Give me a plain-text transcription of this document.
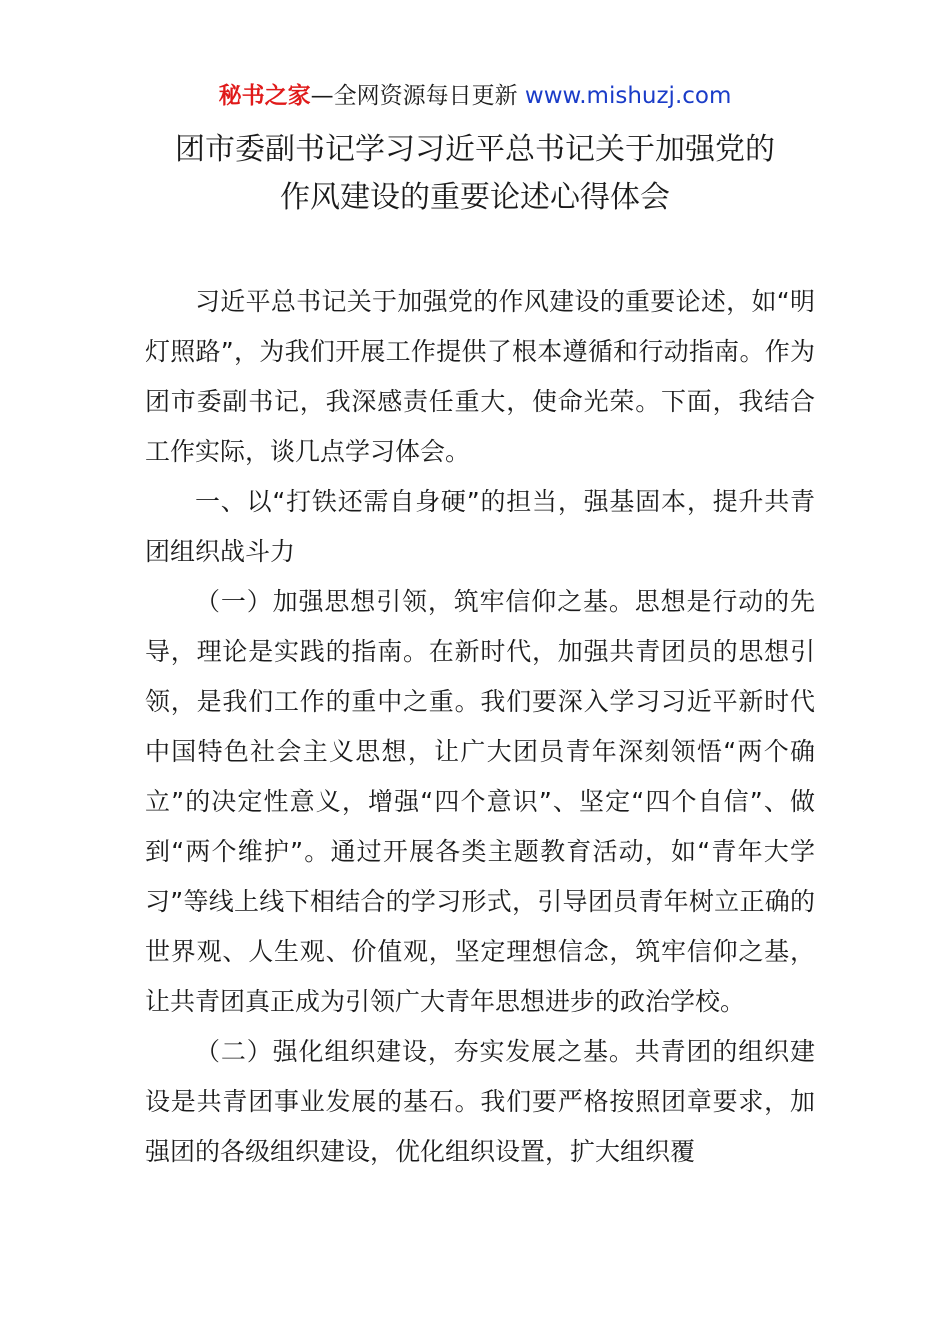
秘书之家—全网资源每日更新 www.mishuzj.com
团市委副书记学习习近平总书记关于加强党的
作风建设的重要论述心得体会

习近平总书记关于加强党的作风建设的重要论述，如“明灯照路”，为我们开展工作提供了根本遵循和行动指南。作为团市委副书记，我深感责任重大，使命光荣。下面，我结合工作实际，谈几点学习体会。

一、以“打铁还需自身硬”的担当，强基固本，提升共青团组织战斗力

（一）加强思想引领，筑牢信仰之基。思想是行动的先导，理论是实践的指南。在新时代，加强共青团员的思想引领，是我们工作的重中之重。我们要深入学习习近平新时代中国特色社会主义思想，让广大团员青年深刻领悟“两个确立”的决定性意义，增强“四个意识”、坚定“四个自信”、做到“两个维护”。通过开展各类主题教育活动，如“青年大学习”等线上线下相结合的学习形式，引导团员青年树立正确的世界观、人生观、价值观，坚定理想信念，筑牢信仰之基，让共青团真正成为引领广大青年思想进步的政治学校。

（二）强化组织建设，夯实发展之基。共青团的组织建设是共青团事业发展的基石。我们要严格按照团章要求，加强团的各级组织建设，优化组织设置，扩大组织覆
